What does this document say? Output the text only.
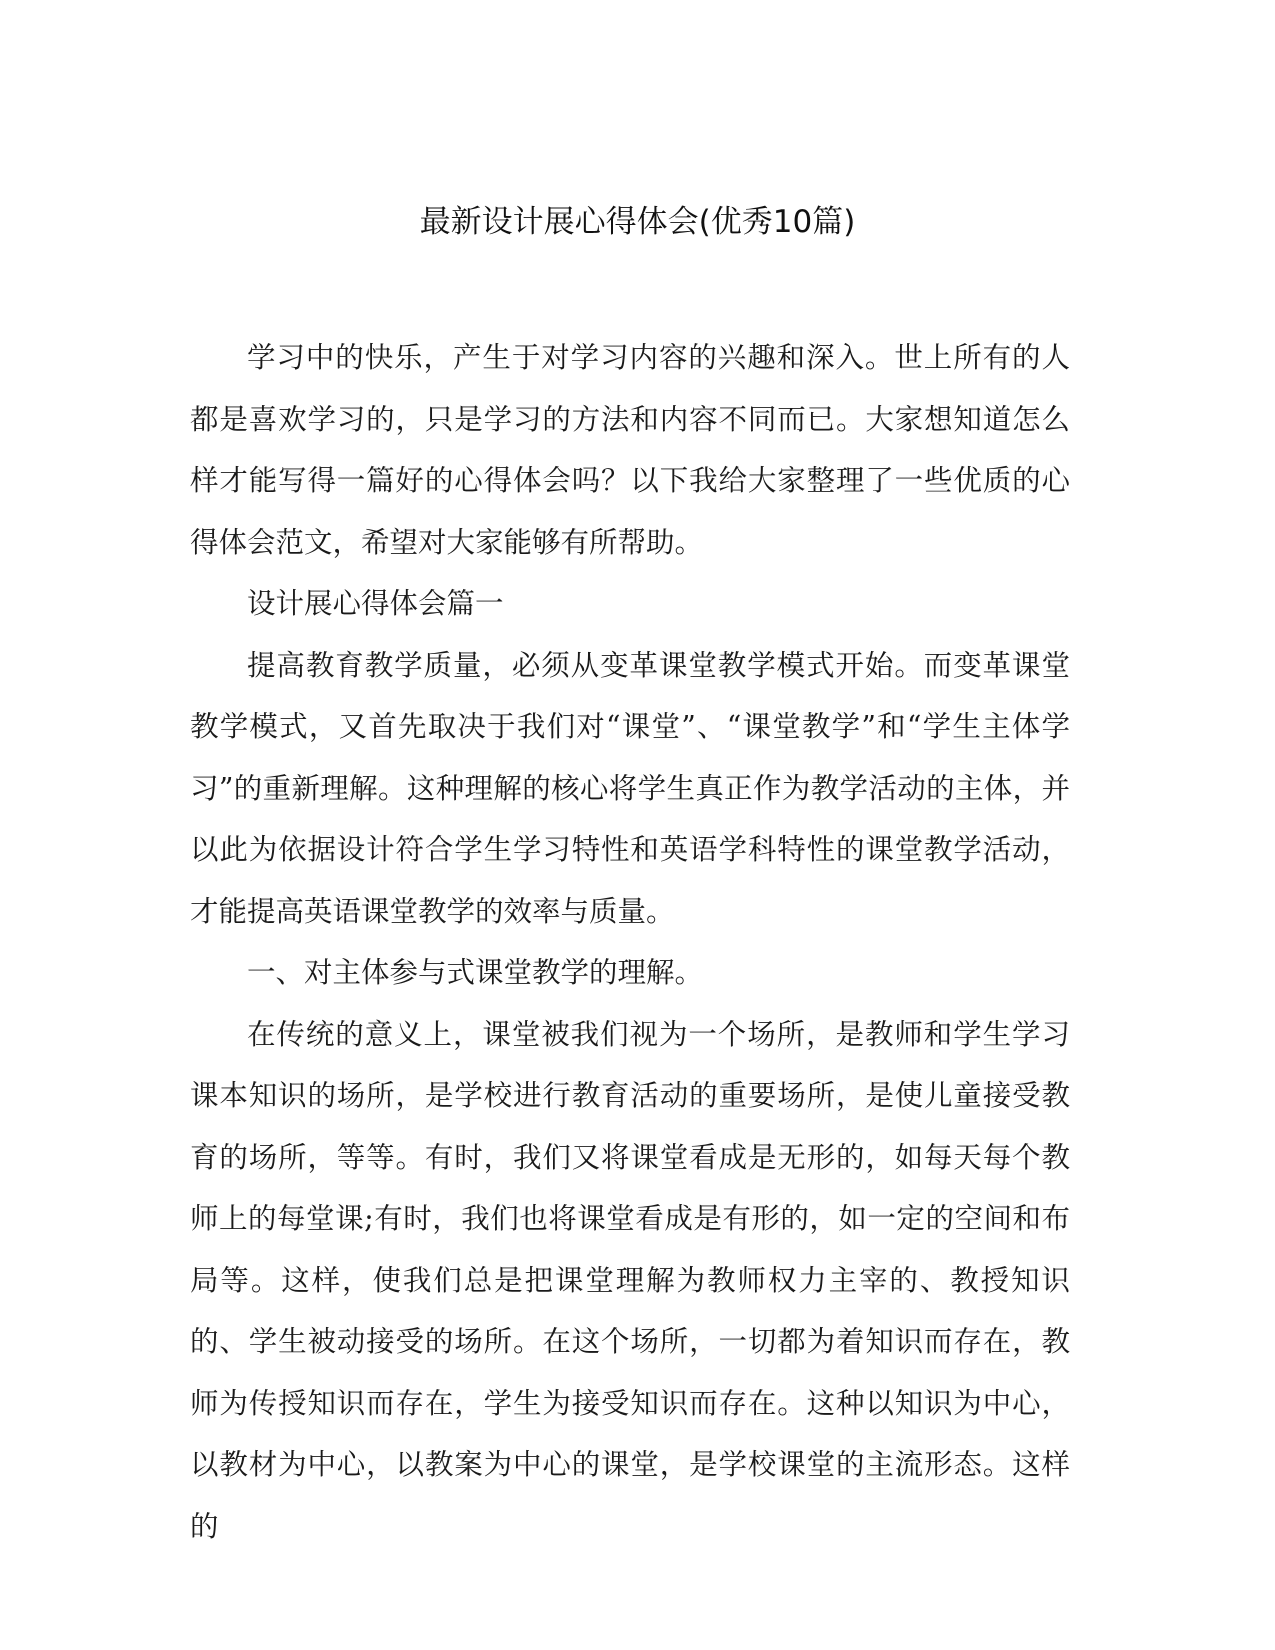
最新设计展心得体会(优秀10篇)

学习中的快乐，产生于对学习内容的兴趣和深入。世上所有的人都是喜欢学习的，只是学习的方法和内容不同而已。大家想知道怎么样才能写得一篇好的心得体会吗？以下我给大家整理了一些优质的心得体会范文，希望对大家能够有所帮助。

设计展心得体会篇一

提高教育教学质量，必须从变革课堂教学模式开始。而变革课堂教学模式，又首先取决于我们对“课堂”、“课堂教学”和“学生主体学习”的重新理解。这种理解的核心将学生真正作为教学活动的主体，并以此为依据设计符合学生学习特性和英语学科特性的课堂教学活动，才能提高英语课堂教学的效率与质量。

一、对主体参与式课堂教学的理解。

在传统的意义上，课堂被我们视为一个场所，是教师和学生学习课本知识的场所，是学校进行教育活动的重要场所，是使儿童接受教育的场所，等等。有时，我们又将课堂看成是无形的，如每天每个教师上的每堂课;有时，我们也将课堂看成是有形的，如一定的空间和布局等。这样，使我们总是把课堂理解为教师权力主宰的、教授知识的、学生被动接受的场所。在这个场所，一切都为着知识而存在，教师为传授知识而存在，学生为接受知识而存在。这种以知识为中心，以教材为中心，以教案为中心的课堂，是学校课堂的主流形态。这样的
